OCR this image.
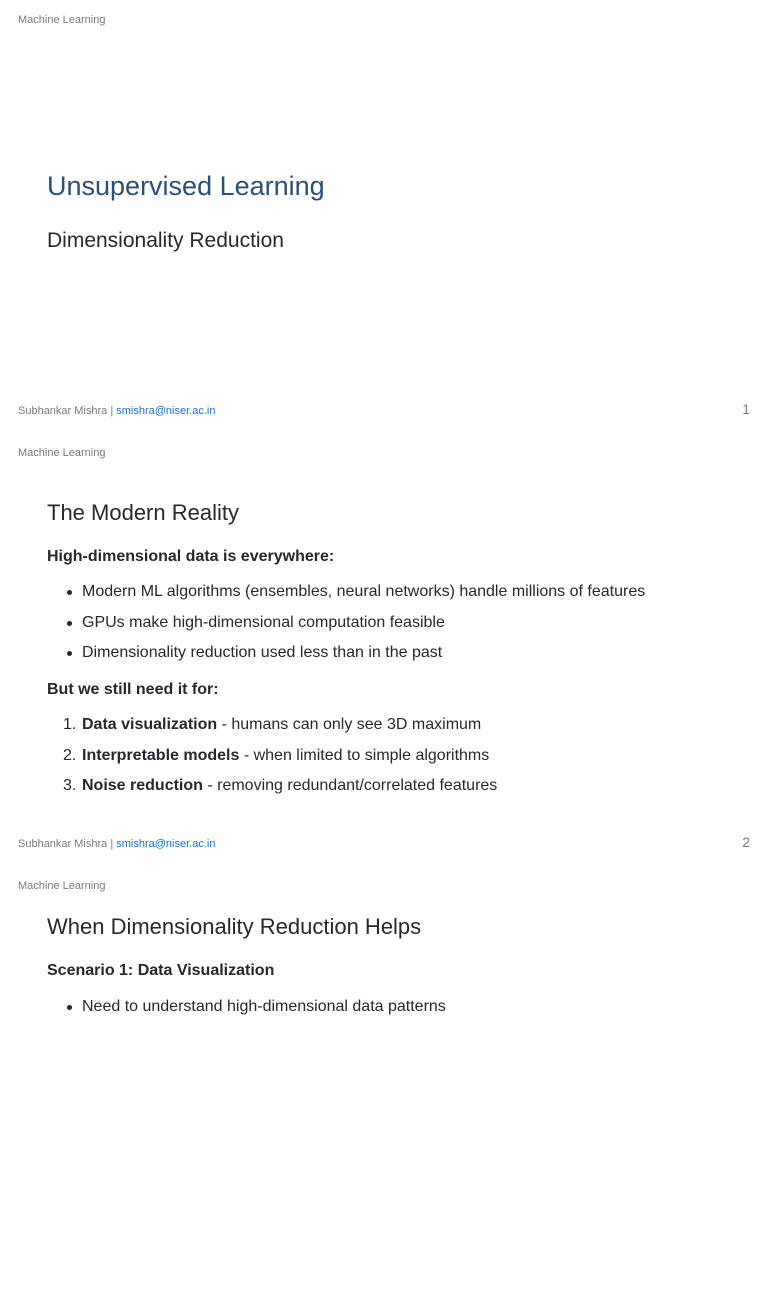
Machine Learning
Unsupervised Learning
Dimensionality Reduction
Subhankar Mishra | smishra@niser.ac.in	1
Machine Learning
The Modern Reality
High-dimensional data is everywhere:
Modern ML algorithms (ensembles, neural networks) handle millions of features
GPUs make high-dimensional computation feasible
Dimensionality reduction used less than in the past
But we still need it for:
1. Data visualization - humans can only see 3D maximum
2. Interpretable models - when limited to simple algorithms
3. Noise reduction - removing redundant/correlated features
Subhankar Mishra | smishra@niser.ac.in	2
Machine Learning
When Dimensionality Reduction Helps
Scenario 1: Data Visualization
Need to understand high-dimensional data patterns
